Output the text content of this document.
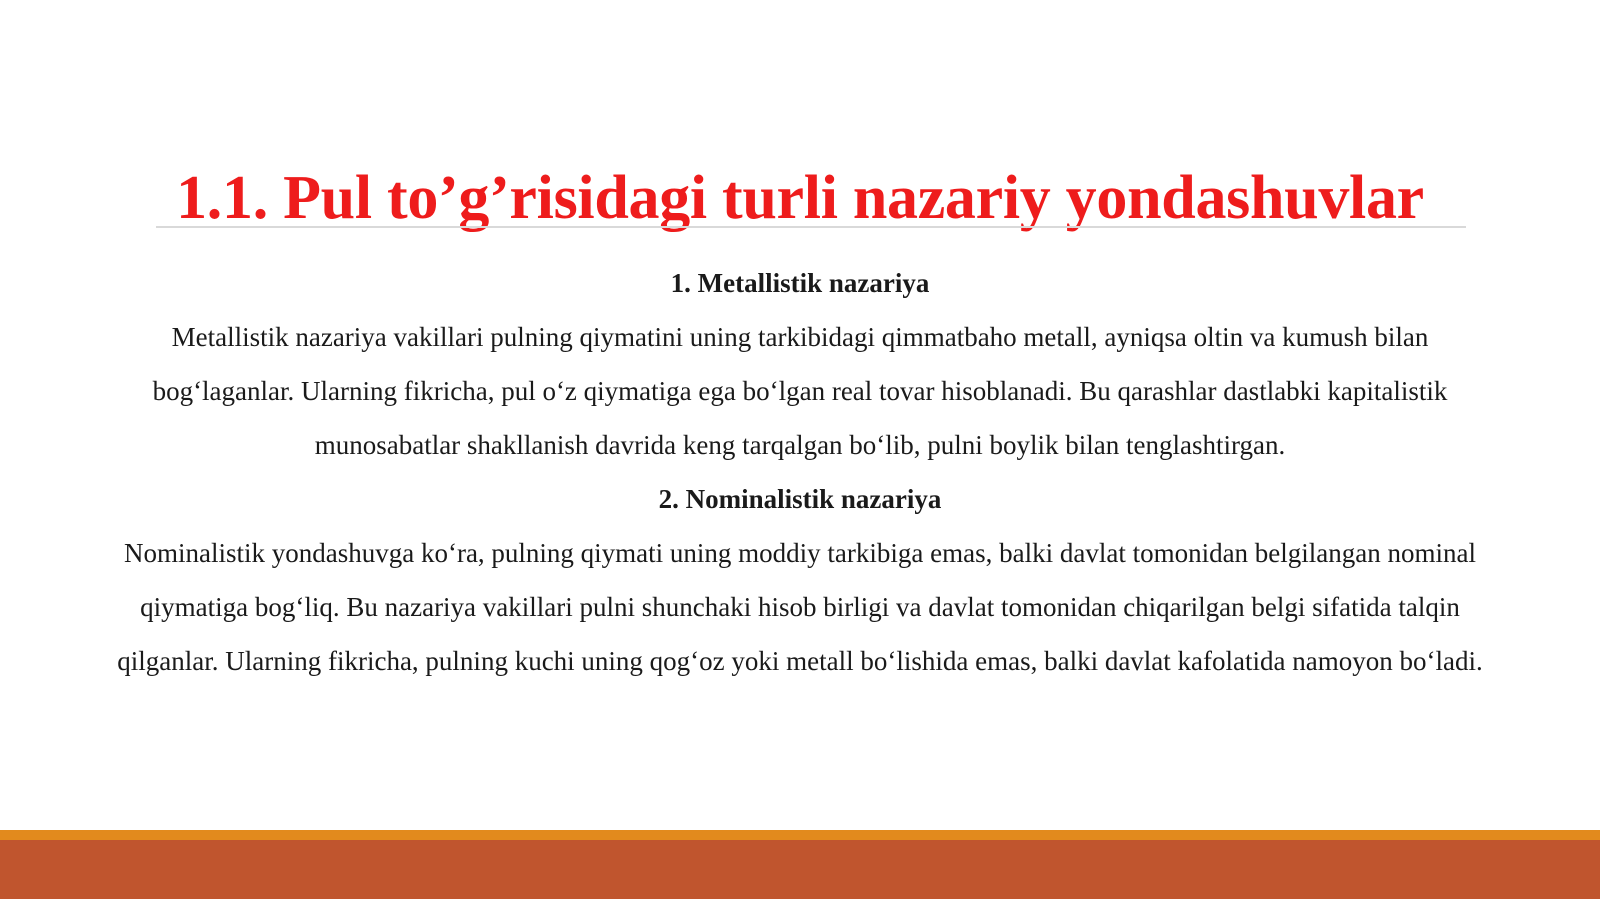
1.1. Pul to’g’risidagi turli nazariy yondashuvlar

1. Metallistik nazariya

Metallistik nazariya vakillari pulning qiymatini uning tarkibidagi qimmatbaho metall, ayniqsa oltin va kumush bilan bog‘laganlar. Ularning fikricha, pul o‘z qiymatiga ega bo‘lgan real tovar hisoblanadi. Bu qarashlar dastlabki kapitalistik munosabatlar shakllanish davrida keng tarqalgan bo‘lib, pulni boylik bilan tenglashtirgan.

2. Nominalistik nazariya

Nominalistik yondashuvga ko‘ra, pulning qiymati uning moddiy tarkibiga emas, balki davlat tomonidan belgilangan nominal qiymatiga bog‘liq. Bu nazariya vakillari pulni shunchaki hisob birligi va davlat tomonidan chiqarilgan belgi sifatida talqin qilganlar. Ularning fikricha, pulning kuchi uning qog‘oz yoki metall bo‘lishida emas, balki davlat kafolatida namoyon bo‘ladi.
